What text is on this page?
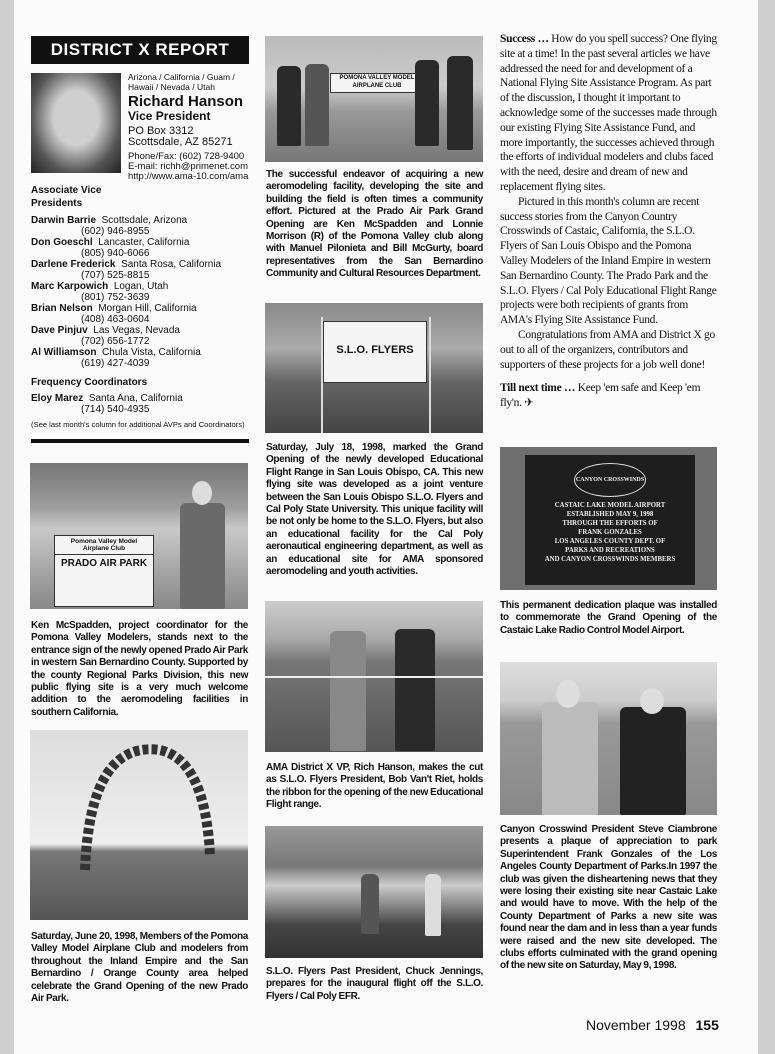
DISTRICT X REPORT
Arizona / California / Guam /
Hawaii / Nevada / Utah
Richard Hanson
Vice President
PO Box 3312
Scottsdale, AZ 85271
Phone/Fax: (602) 728-9400
E-mail: richh@primenet.com
http://www.ama-10.com/ama
Associate Vice Presidents
Darwin Barrie Scottsdale, Arizona
(602) 946-8955
Don Goeschl Lancaster, California
(805) 940-6066
Darlene Frederick Santa Rosa, California
(707) 525-8815
Marc Karpowich Logan, Utah
(801) 752-3639
Brian Nelson Morgan Hill, California
(408) 463-0604
Dave Pinjuv Las Vegas, Nevada
(702) 656-1772
Al Williamson Chula Vista, California
(619) 427-4039
Frequency Coordinators
Eloy Marez Santa Ana, California
(714) 540-4935
(See last month's column for additional AVPs and Coordinators)
Pomona Valley Model Airplane Club
PRADO AIR PARK
Ken McSpadden, project coordinator for the Pomona Valley Modelers, stands next to the entrance sign of the newly opened Prado Air Park in western San Bernardino County. Supported by the county Regional Parks Division, this new public flying site is a very much welcome addition to the aeromodeling facilities in southern California.
Saturday, June 20, 1998, Members of the Pomona Valley Model Airplane Club and modelers from throughout the Inland Empire and the San Bernardino / Orange County area helped celebrate the Grand Opening of the new Prado Air Park.
POMONA VALLEY MODEL AIRPLANE CLUB
The successful endeavor of acquiring a new aeromodeling facility, developing the site and building the field is often times a community effort. Pictured at the Prado Air Park Grand Opening are Ken McSpadden and Lonnie Morrison (R) of the Pomona Valley club along with Manuel Pilonieta and Bill McGurty, board representatives from the San Bernardino Community and Cultural Resources Department.
S.L.O. FLYERS
Saturday, July 18, 1998, marked the Grand Opening of the newly developed Educational Flight Range in San Louis Obispo, CA. This new flying site was developed as a joint venture between the San Louis Obispo S.L.O. Flyers and Cal Poly State University. This unique facility will be not only be home to the S.L.O. Flyers, but also an educational facility for the Cal Poly aeronautical engineering department, as well as an educational site for AMA sponsored aeromodeling and youth activities.
AMA District X VP, Rich Hanson, makes the cut as S.L.O. Flyers President, Bob Van't Riet, holds the ribbon for the opening of the new Educational Flight range.
S.L.O. Flyers Past President, Chuck Jennings, prepares for the inaugural flight off the S.L.O. Flyers / Cal Poly EFR.
Success … How do you spell success? One flying site at a time! In the past several articles we have addressed the need for and development of a National Flying Site Assistance Program. As part of the discussion, I thought it important to acknowledge some of the successes made through our existing Flying Site Assistance Fund, and more importantly, the successes achieved through the efforts of individual modelers and clubs faced with the need, desire and dream of new and replacement flying sites.
Pictured in this month's column are recent success stories from the Canyon Country Crosswinds of Castaic, California, the S.L.O. Flyers of San Louis Obispo and the Pomona Valley Modelers of the Inland Empire in western San Bernardino County. The Prado Park and the S.L.O. Flyers / Cal Poly Educational Flight Range projects were both recipients of grants from AMA's Flying Site Assistance Fund.
Congratulations from AMA and District X go out to all of the organizers, contributors and supporters of these projects for a job well done!
Till next time … Keep 'em safe and Keep 'em fly'n. ✈
CANYON CROSSWINDS
CASTAIC LAKE MODEL AIRPORT
ESTABLISHED MAY 9, 1998
THROUGH THE EFFORTS OF
FRANK GONZALES
LOS ANGELES COUNTY DEPT. OF
PARKS AND RECREATIONS
AND CANYON CROSSWINDS MEMBERS
This permanent dedication plaque was installed to commemorate the Grand Opening of the Castaic Lake Radio Control Model Airport.
Canyon Crosswind President Steve Ciambrone presents a plaque of appreciation to park Superintendent Frank Gonzales of the Los Angeles County Department of Parks.In 1997 the club was given the disheartening news that they were losing their existing site near Castaic Lake and would have to move. With the help of the County Department of Parks a new site was found near the dam and in less than a year funds were raised and the new site developed. The clubs efforts culminated with the grand opening of the new site on Saturday, May 9, 1998.
November 1998 155
